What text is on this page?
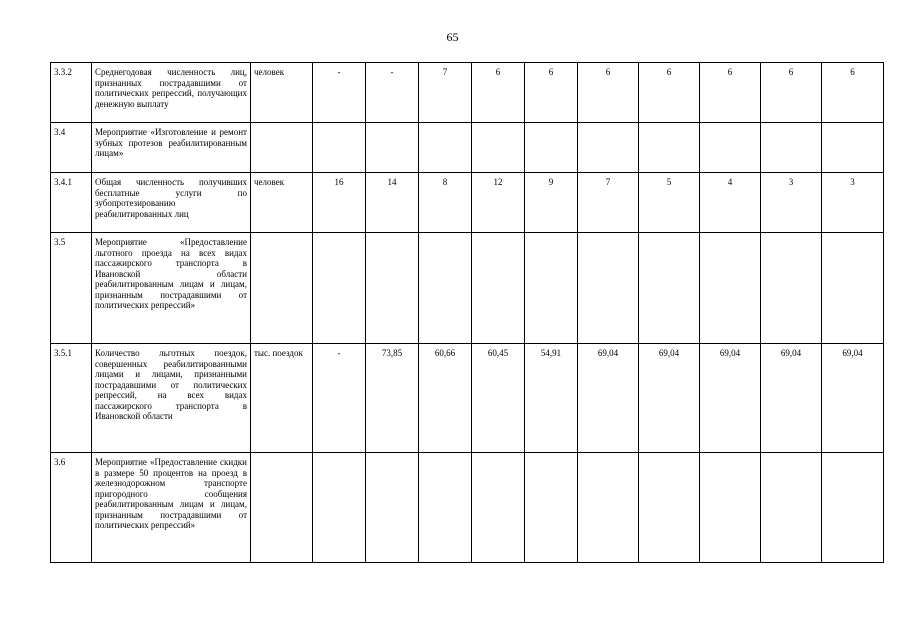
65
3.3.2	Среднегодовая численность лиц, признанных пострадавшими от политических репрессий, получающих денежную выплату	человек	-	-	7	6	6	6	6	6	6	6
3.4	Мероприятие «Изготовление и ремонт зубных протезов реабилитированным лицам»											
3.4.1	Общая численность получивших бесплатные услуги по зубопротезированию реабилитированных лиц	человек	16	14	8	12	9	7	5	4	3	3
3.5	Мероприятие «Предоставление льготного проезда на всех видах пассажирского транспорта в Ивановской области реабилитированным лицам и лицам, признанным пострадавшими от политических репрессий»											
3.5.1	Количество льготных поездок, совершенных реабилитированными лицами и лицами, признанными пострадавшими от политических репрессий, на всех видах пассажирского транспорта в Ивановской области	тыс. поездок	-	73,85	60,66	60,45	54,91	69,04	69,04	69,04	69,04	69,04
3.6	Мероприятие «Предоставление скидки в размере 50 процентов на проезд в железнодорожном транспорте пригородного сообщения реабилитированным лицам и лицам, признанным пострадавшими от политических репрессий»											
